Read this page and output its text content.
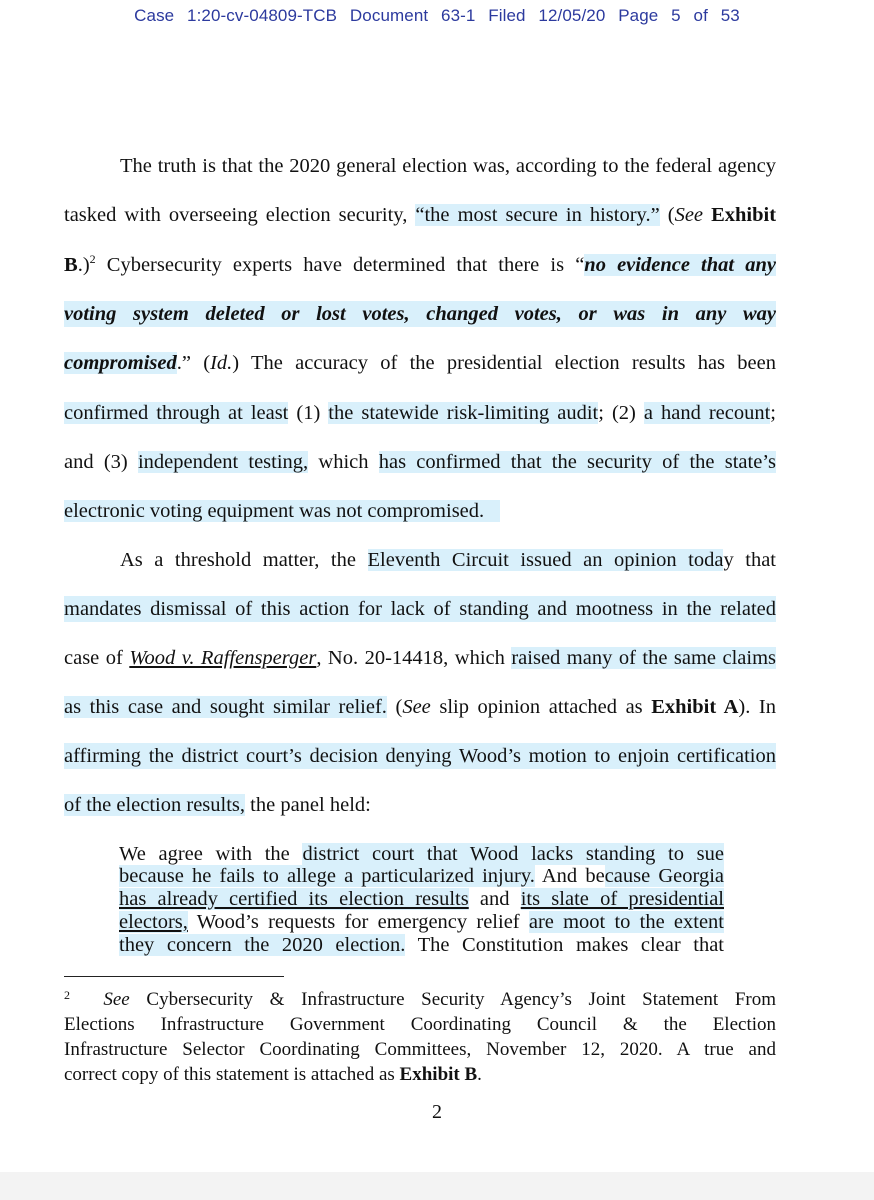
Case 1:20-cv-04809-TCB Document 63-1 Filed 12/05/20 Page 5 of 53
The truth is that the 2020 general election was, according to the federal agency
tasked with overseeing election security, “the most secure in history.” (See Exhibit
B.)$^2$ Cybersecurity experts have determined that there is “no evidence that any
voting system deleted or lost votes, changed votes, or was in any way
compromised.” (Id.) The accuracy of the presidential election results has been
confirmed through at least (1) the statewide risk-limiting audit; (2) a hand recount;
and (3) independent testing, which has confirmed that the security of the state’s
electronic voting equipment was not compromised.
As a threshold matter, the Eleventh Circuit issued an opinion today that
mandates dismissal of this action for lack of standing and mootness in the related
case of Wood v. Raffensperger, No. 20-14418, which raised many of the same claims
as this case and sought similar relief. (See slip opinion attached as Exhibit A). In
affirming the district court’s decision denying Wood’s motion to enjoin certification
of the election results, the panel held:
We agree with the district court that Wood lacks standing to sue
because he fails to allege a particularized injury. And because Georgia
has already certified its election results and its slate of presidential
electors, Wood’s requests for emergency relief are moot to the extent
they concern the 2020 election. The Constitution makes clear that
$^2$ See Cybersecurity & Infrastructure Security Agency’s Joint Statement From
Elections Infrastructure Government Coordinating Council & the Election
Infrastructure Selector Coordinating Committees, November 12, 2020. A true and
correct copy of this statement is attached as Exhibit B.
2
